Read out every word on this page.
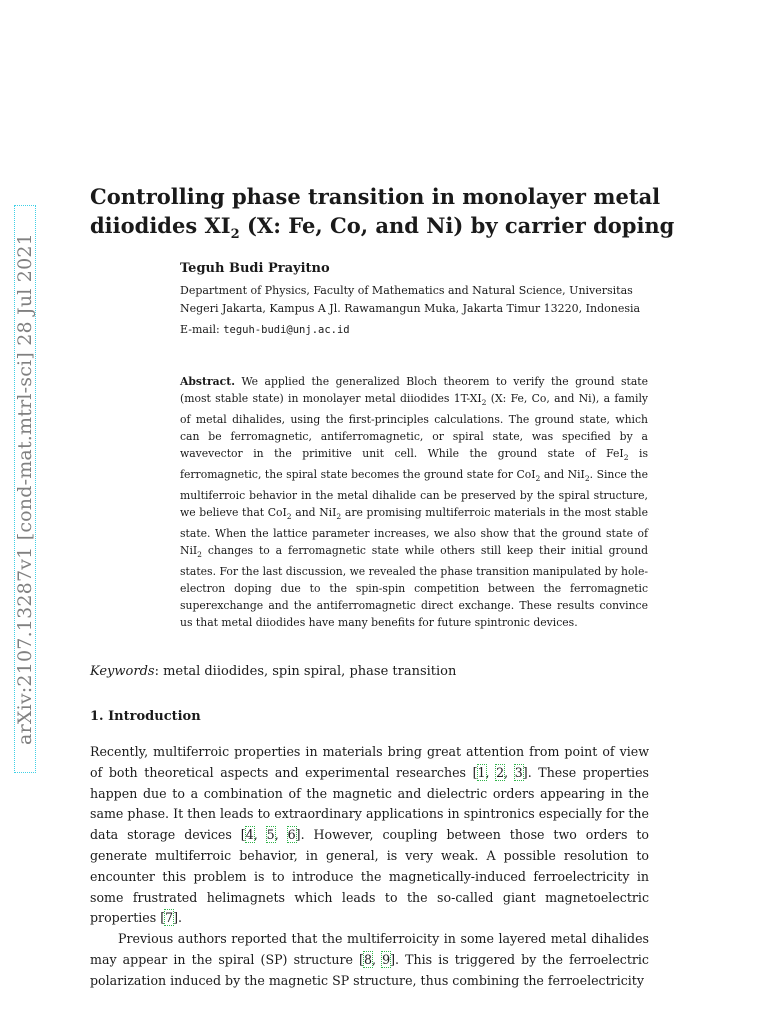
arXiv:2107.13287v1 [cond-mat.mtrl-sci] 28 Jul 2021
Controlling phase transition in monolayer metal diiodides $XI_2$ (X: Fe, Co, and Ni) by carrier doping

Teguh Budi Prayitno

Department of Physics, Faculty of Mathematics and Natural Science, Universitas Negeri Jakarta, Kampus A Jl. Rawamangun Muka, Jakarta Timur 13220, Indonesia

E-mail: teguh-budi@unj.ac.id

Abstract. We applied the generalized Bloch theorem to verify the ground state (most stable state) in monolayer metal diiodides $1T-XI_2$ (X: Fe, Co, and Ni), a family of metal dihalides, using the first-principles calculations. The ground state, which can be ferromagnetic, antiferromagnetic, or spiral state, was specified by a wavevector in the primitive unit cell. While the ground state of FeI$_2$ is ferromagnetic, the spiral state becomes the ground state for CoI$_2$ and NiI$_2$. Since the multiferroic behavior in the metal dihalide can be preserved by the spiral structure, we believe that CoI$_2$ and NiI$_2$ are promising multiferroic materials in the most stable state. When the lattice parameter increases, we also show that the ground state of NiI$_2$ changes to a ferromagnetic state while others still keep their initial ground states. For the last discussion, we revealed the phase transition manipulated by hole-electron doping due to the spin-spin competition between the ferromagnetic superexchange and the antiferromagnetic direct exchange. These results convince us that metal diiodides have many benefits for future spintronic devices.

Keywords: metal diiodides, spin spiral, phase transition

1. Introduction

Recently, multiferroic properties in materials bring great attention from point of view of both theoretical aspects and experimental researches [1, 2, 3]. These properties happen due to a combination of the magnetic and dielectric orders appearing in the same phase. It then leads to extraordinary applications in spintronics especially for the data storage devices [4, 5, 6]. However, coupling between those two orders to generate multiferroic behavior, in general, is very weak. A possible resolution to encounter this problem is to introduce the magnetically-induced ferroelectricity in some frustrated helimagnets which leads to the so-called giant magnetoelectric properties [7].

Previous authors reported that the multiferroicity in some layered metal dihalides may appear in the spiral (SP) structure [8, 9]. This is triggered by the ferroelectric polarization induced by the magnetic SP structure, thus combining the ferroelectricity
